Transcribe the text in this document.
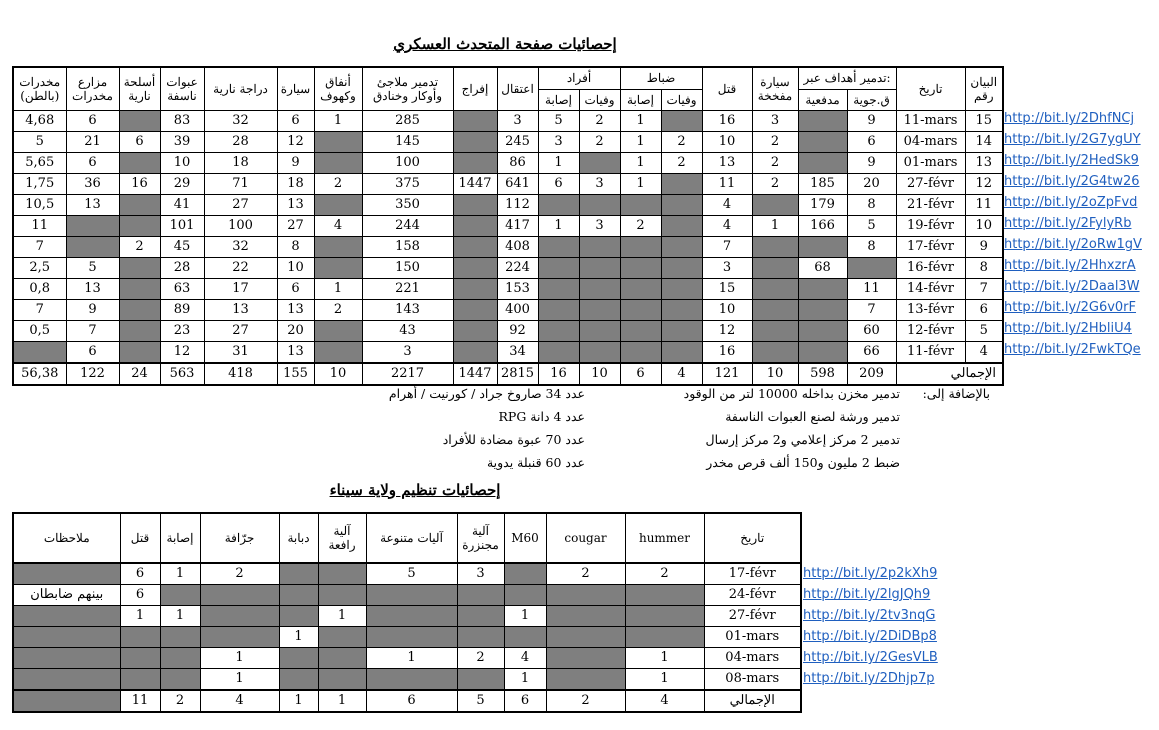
إحصائيات صفحة المتحدث العسكري
مخدرات (بالطن)	مزارع مخدرات	أسلحة نارية	عبوات ناسفة	دراجة نارية	سيارة	أنفاق وكهوف	تدمير ملاجئ وأوكار وخنادق	إفراج	اعتقال	أفراد		ضباط		قتل	سيارة مفخخة	تدمير أهداف عبر:		تاريخ	البيان رقم
										إصابة	وفيات	إصابة	وفيات			مدفعية	ق.جوية		
4,68	6		83	32	6	1	285		3	5	2	1		16	3		9	11-mars	15
5	21	6	39	28	12		145		245	3	2	1	2	10	2		6	04-mars	14
5,65	6		10	18	9		100		86	1		1	2	13	2		9	01-mars	13
1,75	36	16	29	71	18	2	375	1447	641	6	3	1		11	2	185	20	27-févr	12
10,5	13		41	27	13		350		112					4		179	8	21-févr	11
11			101	100	27	4	244		417	1	3	2		4	1	166	5	19-févr	10
7		2	45	32	8		158		408					7			8	17-févr	9
2,5	5		28	22	10		150		224					3		68		16-févr	8
0,8	13		63	17	6	1	221		153					15			11	14-févr	7
7	9		89	13	13	2	143		400					10			7	13-févr	6
0,5	7		23	27	20		43		92					12			60	12-févr	5
	6		12	31	13		3		34					16			66	11-févr	4
56,38	122	24	563	418	155	10	2217	1447	2815	16	10	6	4	121	10	598	209	الإجمالي	
http://bit.ly/2DhfNCj
http://bit.ly/2G7ygUY
http://bit.ly/2HedSk9
http://bit.ly/2G4tw26
http://bit.ly/2oZpFvd
http://bit.ly/2FylyRb
http://bit.ly/2oRw1gV
http://bit.ly/2HhxzrA
http://bit.ly/2Daal3W
http://bit.ly/2G6v0rF
http://bit.ly/2HbliU4
http://bit.ly/2FwkTQe
بالإضافة إلى:
تدمير مخزن بداخله 10000 لتر من الوقود
تدمير ورشة لصنع العبوات الناسفة
تدمير 2 مركز إعلامي و2 مركز إرسال
ضبط 2 مليون و150 ألف قرص مخدر
عدد 34 صاروخ جراد / كورنيت / أهرام
عدد 4 دانة RPG
عدد 70 عبوة مضادة للأفراد
عدد 60 قنبلة يدوية
إحصائيات تنظيم ولاية سيناء
ملاحظات	قتل	إصابة	جرّافة	دبابة	آلية رافعة	آليات متنوعة	آلية مجنزرة	M60	cougar	hummer	تاريخ
	6	1	2			5	3		2	2	17-févr
بينهم ضابطان	6										24-févr
	1	1			1			1			27-févr
				1							01-mars
			1			1	2	4		1	04-mars
			1					1		1	08-mars
	11	2	4	1	1	6	5	6	2	4	الإجمالي
http://bit.ly/2p2kXh9
http://bit.ly/2lgJQh9
http://bit.ly/2tv3nqG
http://bit.ly/2DiDBp8
http://bit.ly/2GesVLB
http://bit.ly/2Dhjp7p
